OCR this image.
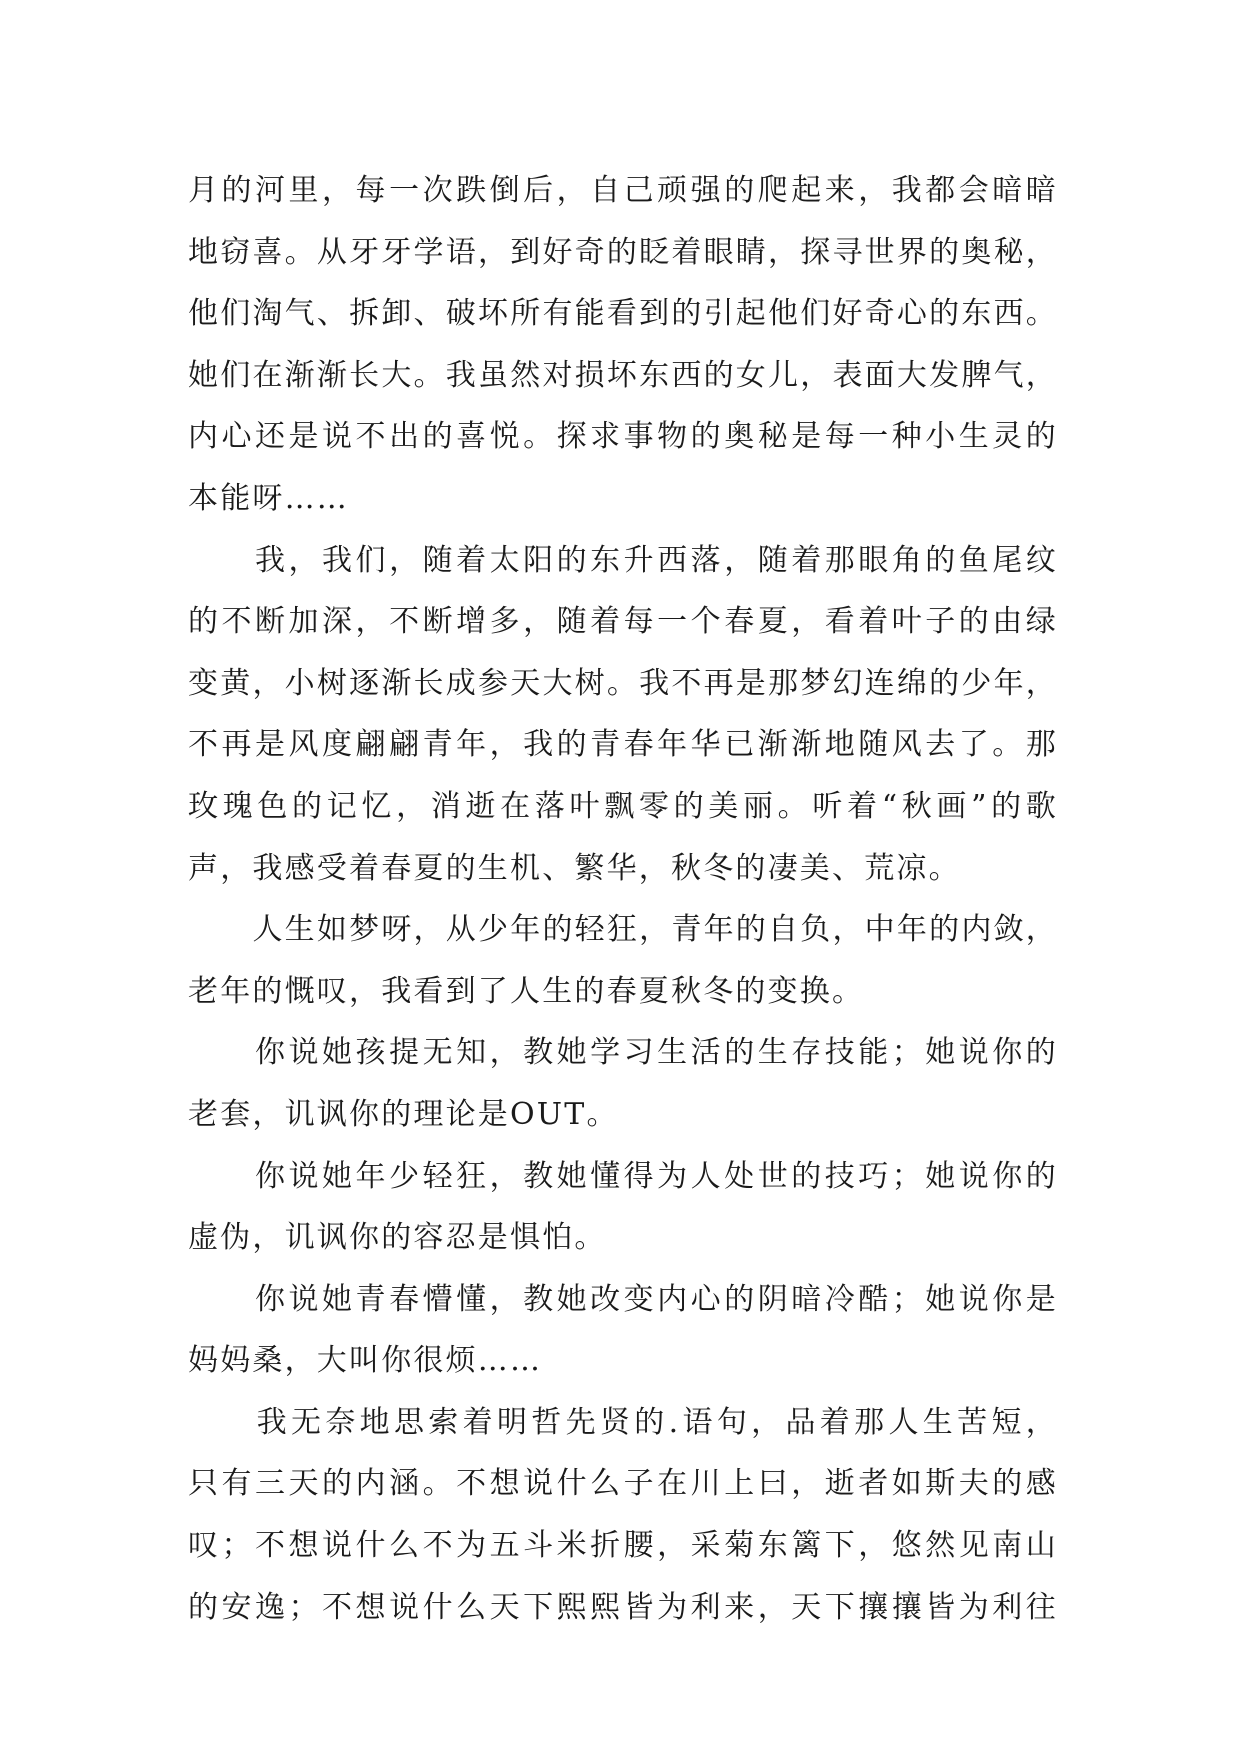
月的河里，每一次跌倒后，自己顽强的爬起来，我都会暗暗
地窃喜。从牙牙学语，到好奇的眨着眼睛，探寻世界的奥秘，
他们淘气、拆卸、破坏所有能看到的引起他们好奇心的东西。
她们在渐渐长大。我虽然对损坏东西的女儿，表面大发脾气，
内心还是说不出的喜悦。探求事物的奥秘是每一种小生灵的
本能呀……
　　我，我们，随着太阳的东升西落，随着那眼角的鱼尾纹
的不断加深，不断增多，随着每一个春夏，看着叶子的由绿
变黄，小树逐渐长成参天大树。我不再是那梦幻连绵的少年，
不再是风度翩翩青年，我的青春年华已渐渐地随风去了。那
玫瑰色的记忆，消逝在落叶飘零的美丽。听着“秋画”的歌
声，我感受着春夏的生机、繁华，秋冬的凄美、荒凉。
　　人生如梦呀，从少年的轻狂，青年的自负，中年的内敛，
老年的慨叹，我看到了人生的春夏秋冬的变换。
　　你说她孩提无知，教她学习生活的生存技能；她说你的
老套，讥讽你的理论是OUT。
　　你说她年少轻狂，教她懂得为人处世的技巧；她说你的
虚伪，讥讽你的容忍是惧怕。
　　你说她青春懵懂，教她改变内心的阴暗冷酷；她说你是
妈妈桑，大叫你很烦……
　　我无奈地思索着明哲先贤的.语句，品着那人生苦短，
只有三天的内涵。不想说什么子在川上曰，逝者如斯夫的感
叹；不想说什么不为五斗米折腰，采菊东篱下，悠然见南山
的安逸；不想说什么天下熙熙皆为利来，天下攘攘皆为利往
